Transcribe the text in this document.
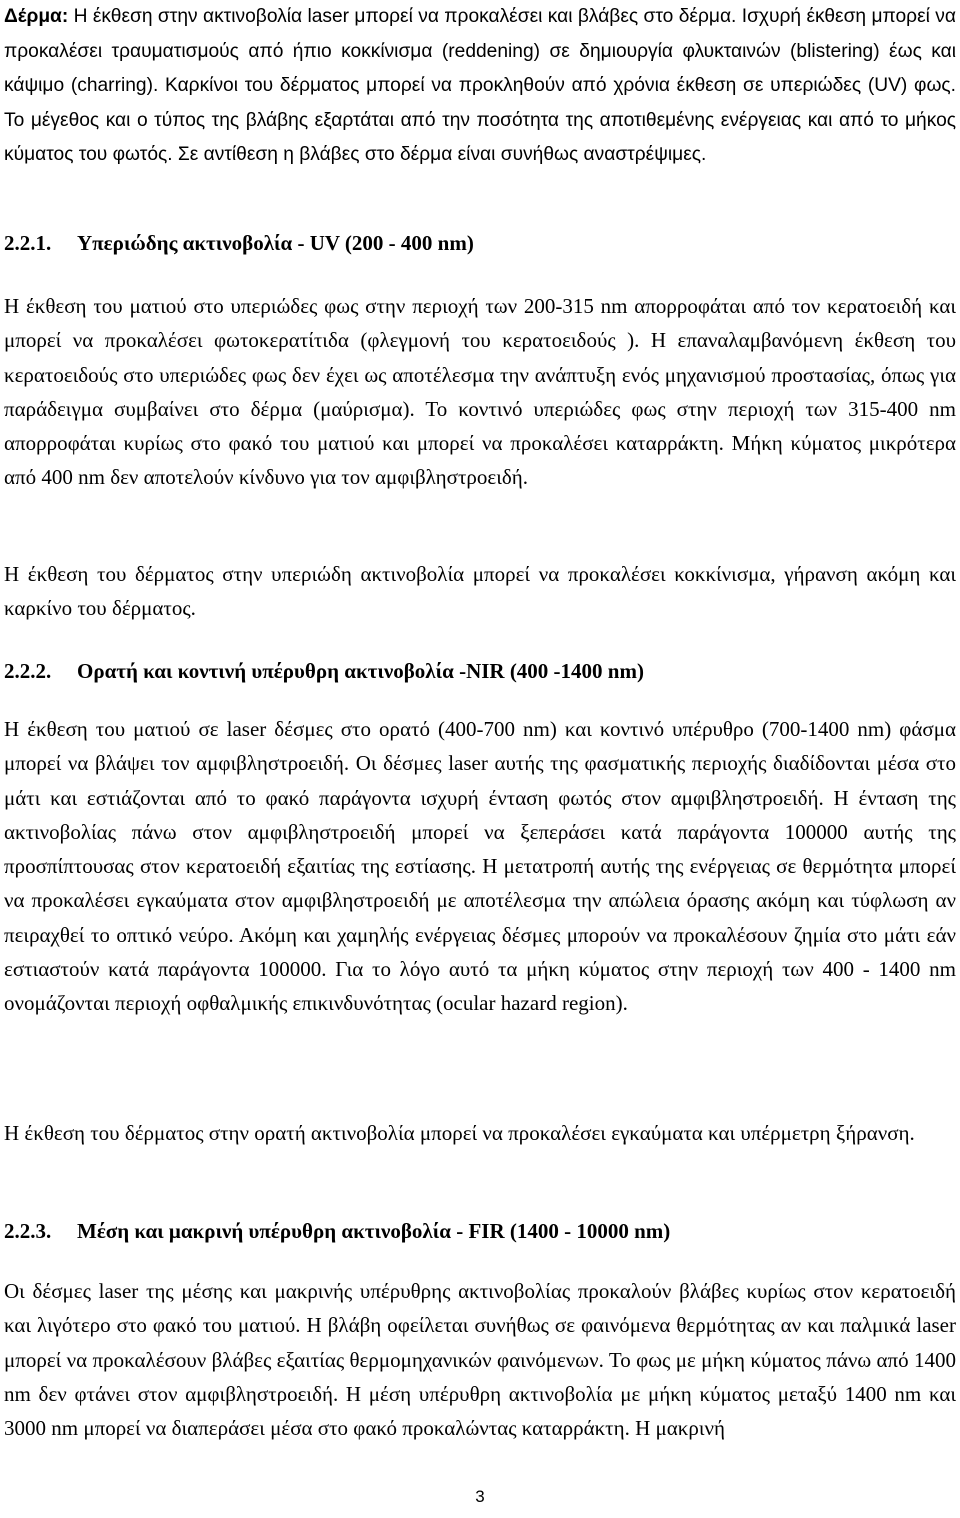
Δέρμα: Η έκθεση στην ακτινοβολία laser μπορεί να προκαλέσει και βλάβες στο δέρμα. Ισχυρή έκθεση μπορεί να προκαλέσει τραυματισμούς από ήπιο κοκκίνισμα (reddening) σε δημιουργία φλυκταινών (blistering) έως και κάψιμο (charring). Καρκίνοι του δέρματος μπορεί να προκληθούν από χρόνια έκθεση σε υπεριώδες (UV) φως. Το μέγεθος και ο τύπος της βλάβης εξαρτάται από την ποσότητα της αποτιθεμένης ενέργειας και από το μήκος κύματος του φωτός. Σε αντίθεση η βλάβες στο δέρμα είναι συνήθως αναστρέψιμες.

2.2.1. Υπεριώδης ακτινοβολία - UV (200 - 400 nm)

Η έκθεση του ματιού στο υπεριώδες φως στην περιοχή των 200-315 nm απορροφάται από τον κερατοειδή και μπορεί να προκαλέσει φωτοκερατίτιδα (φλεγμονή του κερατοειδούς ). Η επαναλαμβανόμενη έκθεση του κερατοειδούς στο υπεριώδες φως δεν έχει ως αποτέλεσμα την ανάπτυξη ενός μηχανισμού προστασίας, όπως για παράδειγμα συμβαίνει στο δέρμα (μαύρισμα). Το κοντινό υπεριώδες φως στην περιοχή των 315-400 nm απορροφάται κυρίως στο φακό του ματιού και μπορεί να προκαλέσει καταρράκτη. Μήκη κύματος μικρότερα από 400 nm δεν αποτελούν κίνδυνο για τον αμφιβληστροειδή.

Η έκθεση του δέρματος στην υπεριώδη ακτινοβολία μπορεί να προκαλέσει κοκκίνισμα, γήρανση ακόμη και καρκίνο του δέρματος.

2.2.2. Ορατή και κοντινή υπέρυθρη ακτινοβολία -NIR (400 -1400 nm)

Η έκθεση του ματιού σε laser δέσμες στο ορατό (400-700 nm) και κοντινό υπέρυθρο (700-1400 nm) φάσμα μπορεί να βλάψει τον αμφιβληστροειδή. Οι δέσμες laser αυτής της φασματικής περιοχής διαδίδονται μέσα στο μάτι και εστιάζονται από το φακό παράγοντα ισχυρή ένταση φωτός στον αμφιβληστροειδή. Η ένταση της ακτινοβολίας πάνω στον αμφιβληστροειδή μπορεί να ξεπεράσει κατά παράγοντα 100000 αυτής της προσπίπτουσας στον κερατοειδή εξαιτίας της εστίασης. Η μετατροπή αυτής της ενέργειας σε θερμότητα μπορεί να προκαλέσει εγκαύματα στον αμφιβληστροειδή με αποτέλεσμα την απώλεια όρασης ακόμη και τύφλωση αν πειραχθεί το οπτικό νεύρο. Ακόμη και χαμηλής ενέργειας δέσμες μπορούν να προκαλέσουν ζημία στο μάτι εάν εστιαστούν κατά παράγοντα 100000. Για το λόγο αυτό τα μήκη κύματος στην περιοχή των 400 - 1400 nm ονομάζονται περιοχή οφθαλμικής επικινδυνότητας (ocular hazard region).

Η έκθεση του δέρματος στην ορατή ακτινοβολία μπορεί να προκαλέσει εγκαύματα και υπέρμετρη ξήρανση.

2.2.3. Μέση και μακρινή υπέρυθρη ακτινοβολία - FIR (1400 - 10000 nm)

Οι δέσμες laser της μέσης και μακρινής υπέρυθρης ακτινοβολίας προκαλούν βλάβες κυρίως στον κερατοειδή και λιγότερο στο φακό του ματιού. Η βλάβη οφείλεται συνήθως σε φαινόμενα θερμότητας αν και παλμικά laser μπορεί να προκαλέσουν βλάβες εξαιτίας θερμομηχανικών φαινόμενων. Το φως με μήκη κύματος πάνω από 1400 nm δεν φτάνει στον αμφιβληστροειδή. Η μέση υπέρυθρη ακτινοβολία με μήκη κύματος μεταξύ 1400 nm και 3000 nm μπορεί να διαπεράσει μέσα στο φακό προκαλώντας καταρράκτη. Η μακρινή

3
